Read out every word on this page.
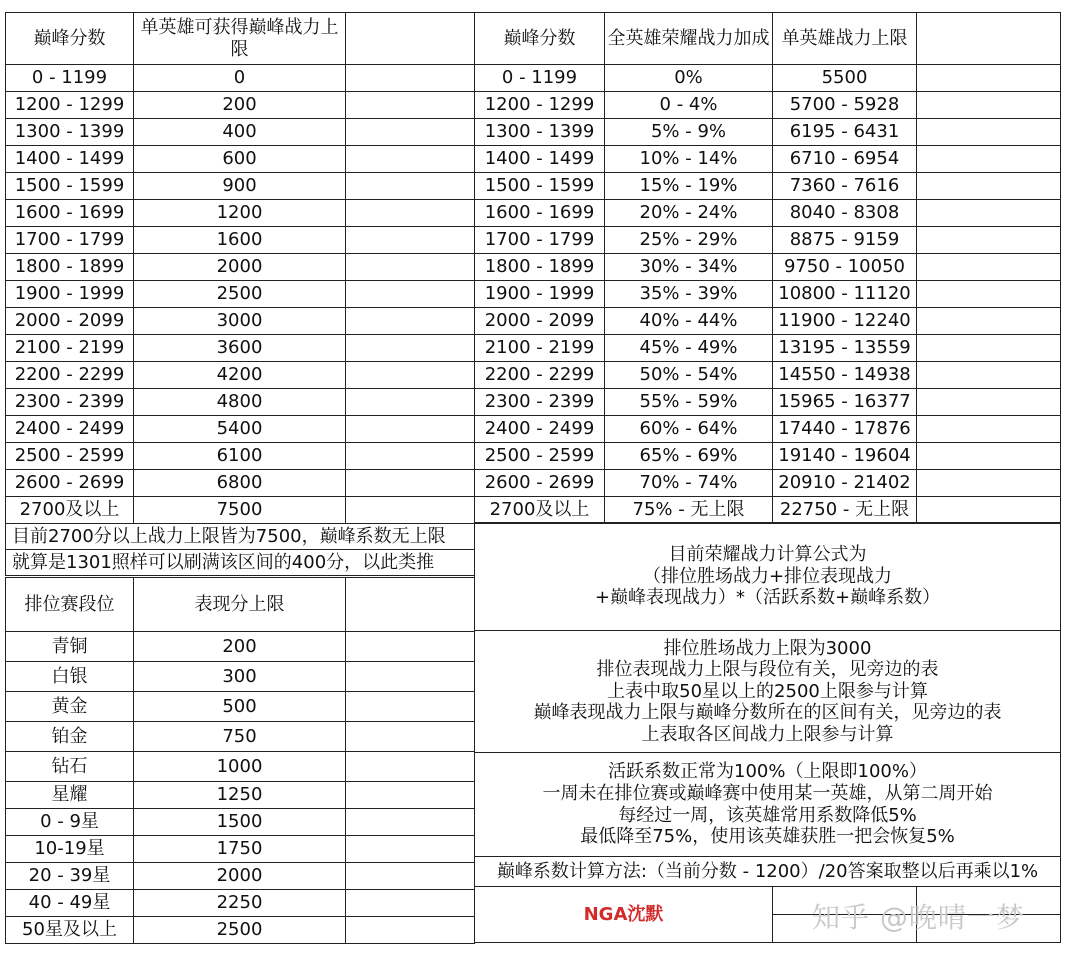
巅峰分数	单英雄可获得巅峰战力上限	
0 - 1199	0	
1200 - 1299	200	
1300 - 1399	400	
1400 - 1499	600	
1500 - 1599	900	
1600 - 1699	1200	
1700 - 1799	1600	
1800 - 1899	2000	
1900 - 1999	2500	
2000 - 2099	3000	
2100 - 2199	3600	
2200 - 2299	4200	
2300 - 2399	4800	
2400 - 2499	5400	
2500 - 2599	6100	
2600 - 2699	6800	
2700及以上	7500	
目前2700分以上战力上限皆为7500，巅峰系数无上限		
就算是1301照样可以刷满该区间的400分，以此类推		
巅峰分数	全英雄荣耀战力加成	单英雄战力上限	
0 - 1199	0%	5500	
1200 - 1299	0 - 4%	5700 - 5928	
1300 - 1399	5% - 9%	6195 - 6431	
1400 - 1499	10% - 14%	6710 - 6954	
1500 - 1599	15% - 19%	7360 - 7616	
1600 - 1699	20% - 24%	8040 - 8308	
1700 - 1799	25% - 29%	8875 - 9159	
1800 - 1899	30% - 34%	9750 - 10050	
1900 - 1999	35% - 39%	10800 - 11120	
2000 - 2099	40% - 44%	11900 - 12240	
2100 - 2199	45% - 49%	13195 - 13559	
2200 - 2299	50% - 54%	14550 - 14938	
2300 - 2399	55% - 59%	15965 - 16377	
2400 - 2499	60% - 64%	17440 - 17876	
2500 - 2599	65% - 69%	19140 - 19604	
2600 - 2699	70% - 74%	20910 - 21402	
2700及以上	75% - 无上限	22750 - 无上限	
排位赛段位	表现分上限	
青铜	200	
白银	300	
黄金	500	
铂金	750	
钻石	1000	
星耀	1250	
0 - 9星	1500	
10-19星	1750	
20 - 39星	2000	
40 - 49星	2250	
50星及以上	2500	
目前荣耀战力计算公式为
（排位胜场战力+排位表现战力
+巅峰表现战力）*（活跃系数+巅峰系数）		

排位胜场战力上限为3000
排位表现战力上限与段位有关，见旁边的表
上表中取50星以上的2500上限参与计算
巅峰表现战力上限与巅峰分数所在的区间有关，见旁边的表
上表取各区间战力上限参与计算		

活跃系数正常为100%（上限即100%）
一周未在排位赛或巅峰赛中使用某一英雄，从第二周开始
每经过一周，该英雄常用系数降低5%
最低降至75%，使用该英雄获胜一把会恢复5%		

巅峰系数计算方法:（当前分数 - 1200）/20答案取整以后再乘以1%		
NGA沈默		
		知乎 @晚晴一梦
